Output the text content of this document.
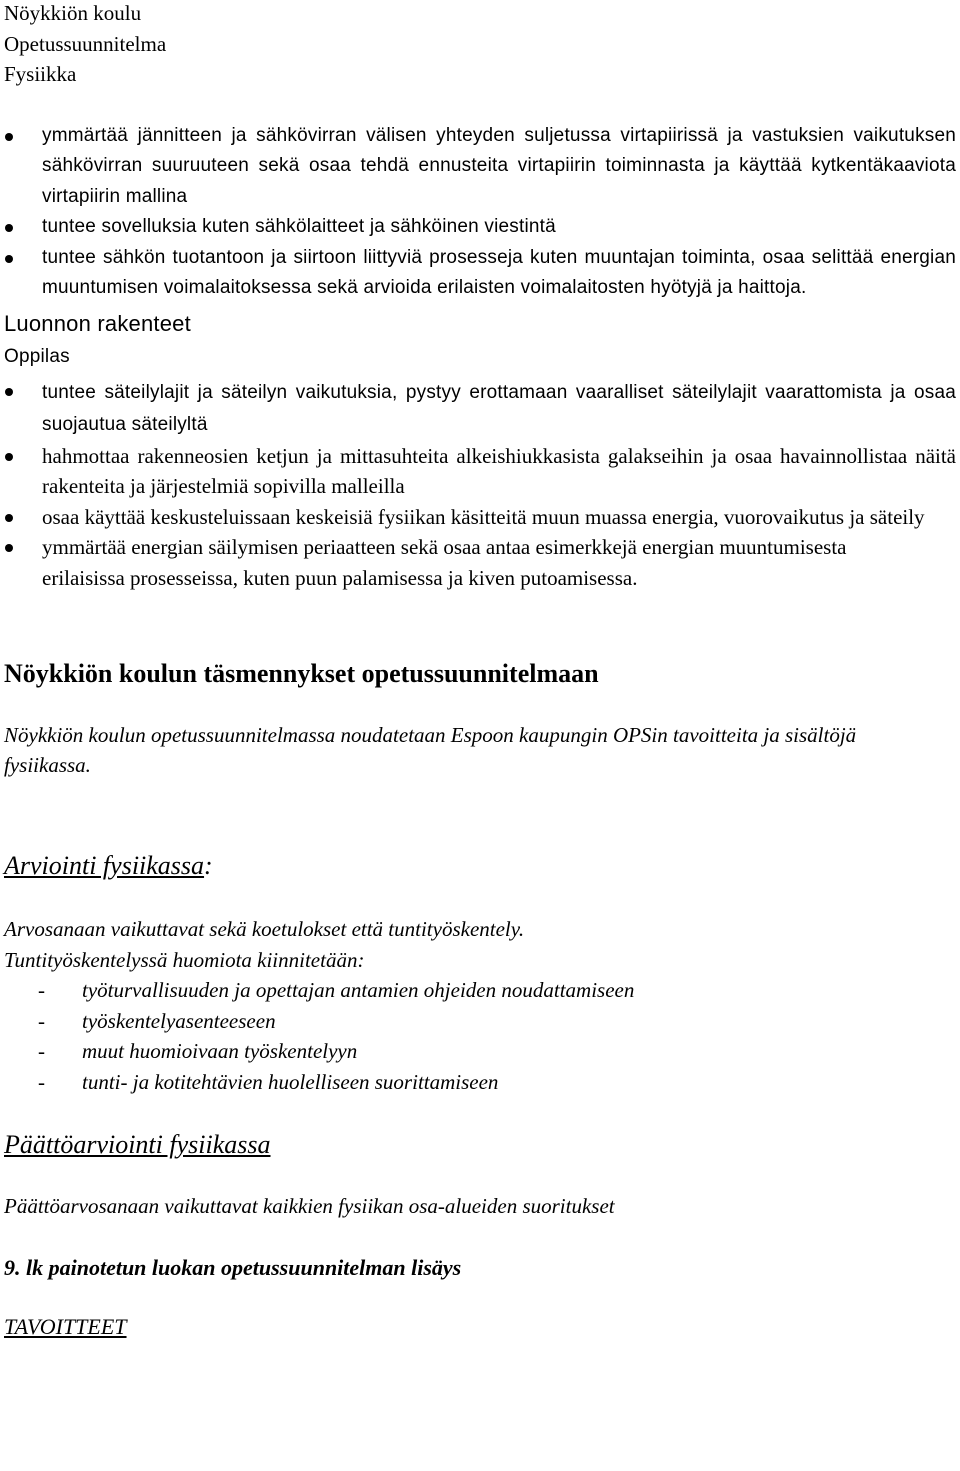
Nöykkiön koulu
Opetussuunnitelma
Fysiikka
ymmärtää jännitteen ja sähkövirran välisen yhteyden suljetussa virtapiirissä ja vastuksien vaikutuksen sähkövirran suuruuteen sekä osaa tehdä ennusteita virtapiirin toiminnasta ja käyttää kytkentäkaaviota virtapiirin mallina
tuntee sovelluksia kuten sähkölaitteet ja sähköinen viestintä
tuntee sähkön tuotantoon ja siirtoon liittyviä prosesseja kuten muuntajan toiminta, osaa selittää energian muuntumisen voimalaitoksessa sekä arvioida erilaisten voimalaitosten hyötyjä ja haittoja.
Luonnon rakenteet
Oppilas
tuntee säteilylajit ja säteilyn vaikutuksia, pystyy erottamaan vaaralliset säteilylajit vaarattomista ja osaa suojautua säteilyltä
hahmottaa rakenneosien ketjun ja mittasuhteita alkeishiukkasista galakseihin ja osaa havainnollistaa näitä rakenteita ja järjestelmiä sopivilla malleilla
osaa käyttää keskusteluissaan keskeisiä fysiikan käsitteitä muun muassa energia, vuorovaikutus ja säteily
ymmärtää energian säilymisen periaatteen sekä osaa antaa esimerkkejä energian muuntumisesta erilaisissa prosesseissa, kuten puun palamisessa ja kiven putoamisessa.
Nöykkiön koulun täsmennykset opetussuunnitelmaan
Nöykkiön koulun opetussuunnitelmassa noudatetaan Espoon kaupungin OPSin tavoitteita ja sisältöjä fysiikassa.
Arviointi fysiikassa:
Arvosanaan vaikuttavat sekä koetulokset että tuntityöskentely.
Tuntityöskentelyssä huomiota kiinnitetään:
- työturvallisuuden ja opettajan antamien ohjeiden noudattamiseen
- työskentelyasenteeseen
- muut huomioivaan työskentelyyn
- tunti- ja kotitehtävien huolelliseen suorittamiseen
Päättöarviointi fysiikassa
Päättöarvosanaan vaikuttavat kaikkien fysiikan osa-alueiden suoritukset
9. lk painotetun luokan opetussuunnitelman lisäys
TAVOITTEET
